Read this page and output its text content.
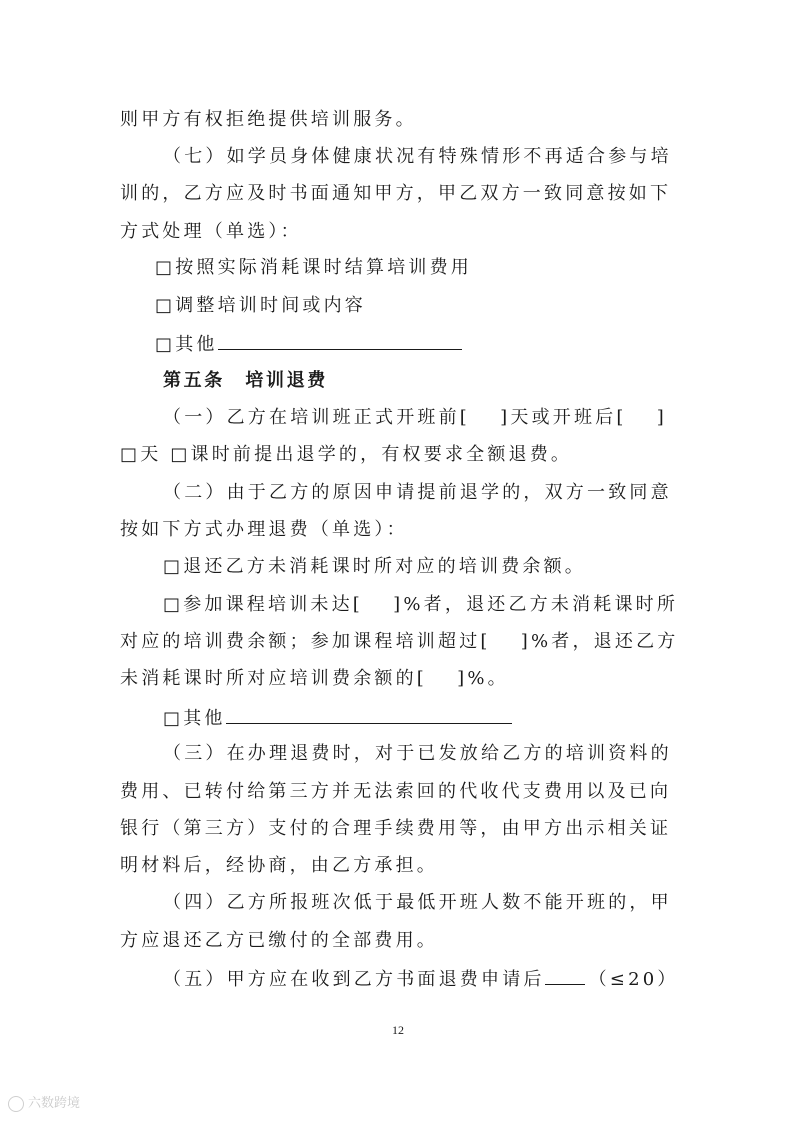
则甲方有权拒绝提供培训服务。
（七）如学员身体健康状况有特殊情形不再适合参与培
训的，乙方应及时书面通知甲方，甲乙双方一致同意按如下
方式处理（单选）：
□按照实际消耗课时结算培训费用
□调整培训时间或内容
□其他
第五条　培训退费
（一）乙方在培训班正式开班前[　 ]天或开班后[　 ]
□天 □课时前提出退学的，有权要求全额退费。
（二）由于乙方的原因申请提前退学的，双方一致同意
按如下方式办理退费（单选）：
□退还乙方未消耗课时所对应的培训费余额。
□参加课程培训未达[　 ]%者，退还乙方未消耗课时所
对应的培训费余额；参加课程培训超过[　 ]%者，退还乙方
未消耗课时所对应培训费余额的[　 ]%。
□其他
（三）在办理退费时，对于已发放给乙方的培训资料的
费用、已转付给第三方并无法索回的代收代支费用以及已向
银行（第三方）支付的合理手续费用等，由甲方出示相关证
明材料后，经协商，由乙方承担。
（四）乙方所报班次低于最低开班人数不能开班的，甲
方应退还乙方已缴付的全部费用。
（五）甲方应在收到乙方书面退费申请后 （≤20）
12
六数跨境
